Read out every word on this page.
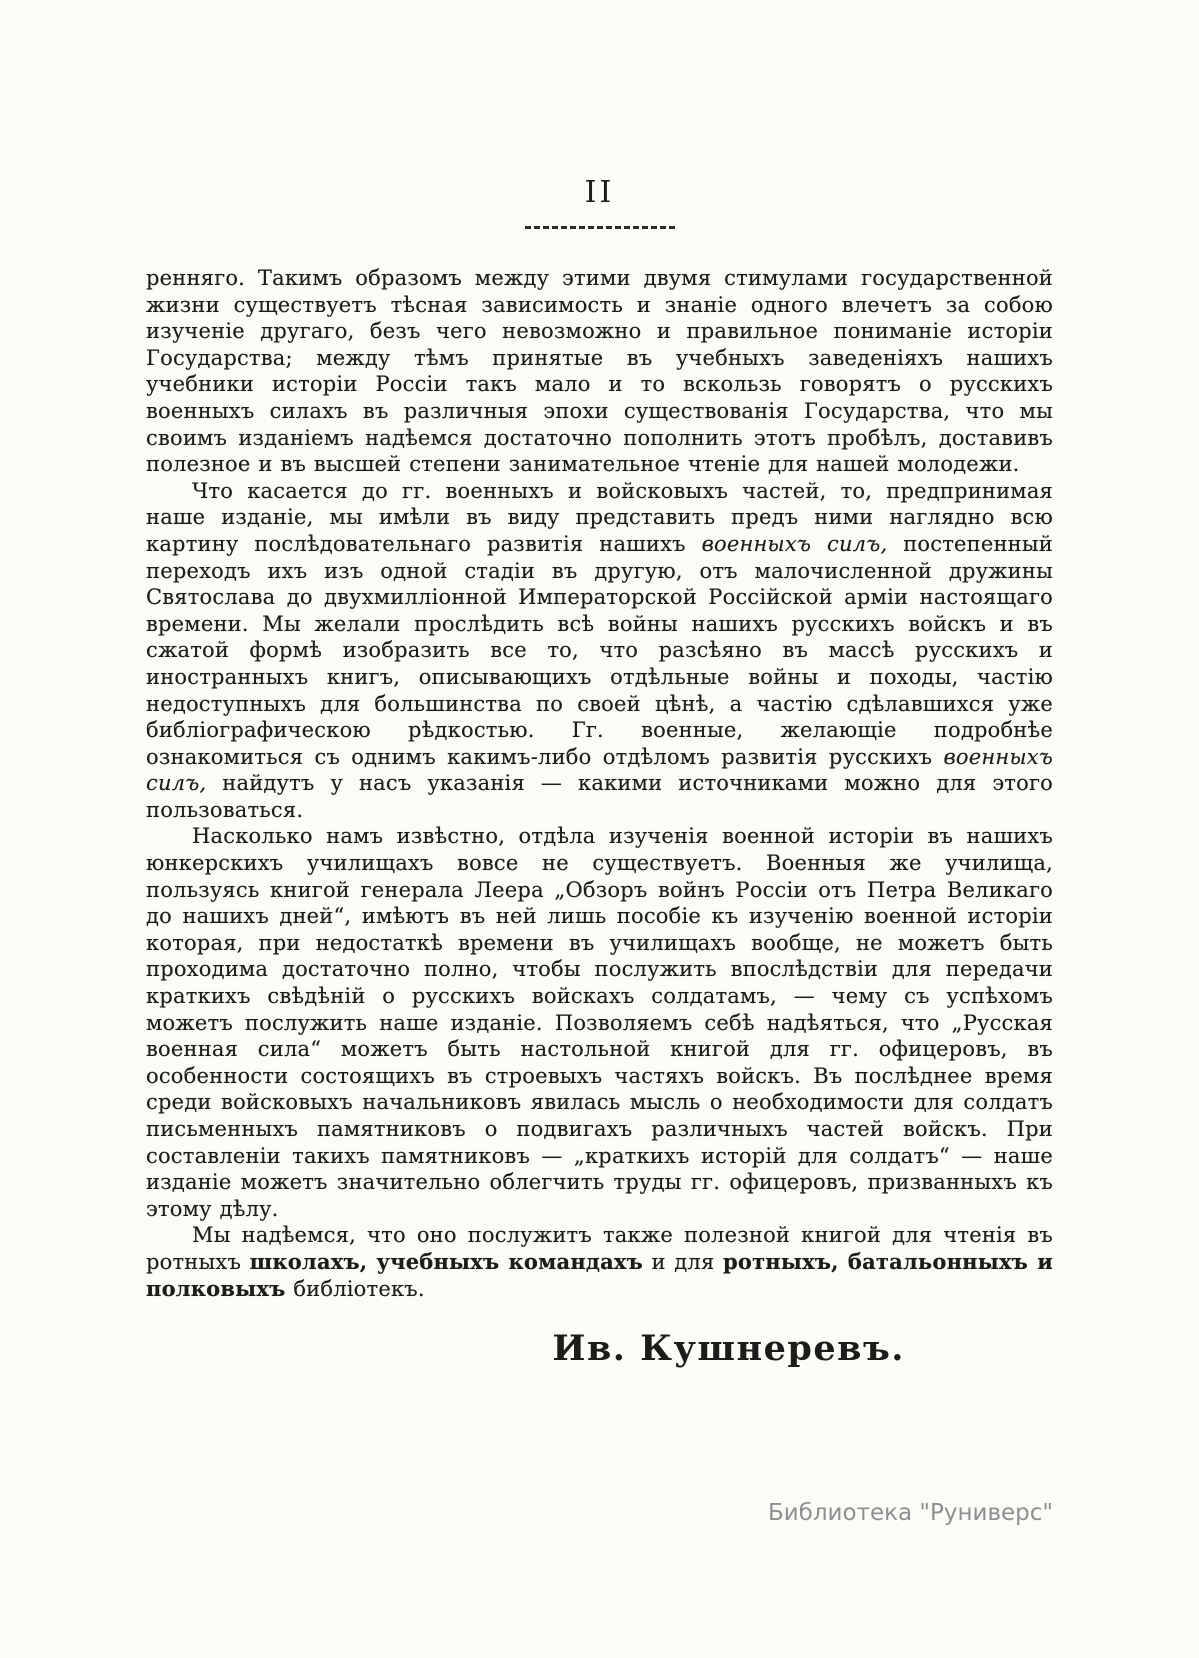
II

ренняго. Такимъ образомъ между этими двумя стимулами государственной жизни существуетъ тѣсная зависимость и знаніе одного влечетъ за собою изученіе другаго, безъ чего невозможно и правильное пониманіе исторіи Государства; между тѣмъ принятые въ учебныхъ заведеніяхъ нашихъ учебники исторіи Россіи такъ мало и то вскользь говорятъ о русскихъ военныхъ силахъ въ различныя эпохи существованія Государства, что мы своимъ изданіемъ надѣемся достаточно пополнить этотъ пробѣлъ, доставивъ полезное и въ высшей степени занимательное чтеніе для нашей молодежи.

Что касается до гг. военныхъ и войсковыхъ частей, то, предпринимая наше изданіе, мы имѣли въ виду представить предъ ними наглядно всю картину послѣдовательнаго развитія нашихъ военныхъ силъ, постепенный переходъ ихъ изъ одной стадіи въ другую, отъ малочисленной дружины Святослава до двухмилліонной Императорской Россійской арміи настоящаго времени. Мы желали прослѣдить всѣ войны нашихъ русскихъ войскъ и въ сжатой формѣ изобразить все то, что разсѣяно въ массѣ русскихъ и иностранныхъ книгъ, описывающихъ отдѣльные войны и походы, частію недоступныхъ для большинства по своей цѣнѣ, а частію сдѣлавшихся уже библіографическою рѣдкостью. Гг. военные, желающіе подробнѣе ознакомиться съ однимъ какимъ-либо отдѣломъ развитія русскихъ военныхъ силъ, найдутъ у насъ указанія — какими источниками можно для этого пользоваться.

Насколько намъ извѣстно, отдѣла изученія военной исторіи въ нашихъ юнкерскихъ училищахъ вовсе не существуетъ. Военныя же училища, пользуясь книгой генерала Леера „Обзоръ войнъ Россіи отъ Петра Великаго до нашихъ дней“, имѣютъ въ ней лишь пособіе къ изученію военной исторіи которая, при недостаткѣ времени въ училищахъ вообще, не можетъ быть проходима достаточно полно, чтобы послужить впослѣдствіи для передачи краткихъ свѣдѣній о русскихъ войскахъ солдатамъ, — чему съ успѣхомъ можетъ послужить наше изданіе. Позволяемъ себѣ надѣяться, что „Русская военная сила“ можетъ быть настольной книгой для гг. офицеровъ, въ особенности состоящихъ въ строевыхъ частяхъ войскъ. Въ послѣднее время среди войсковыхъ начальниковъ явилась мысль о необходимости для солдатъ письменныхъ памятниковъ о подвигахъ различныхъ частей войскъ. При составленіи такихъ памятниковъ — „краткихъ исторій для солдатъ“ — наше изданіе можетъ значительно облегчить труды гг. офицеровъ, призванныхъ къ этому дѣлу.

Мы надѣемся, что оно послужитъ также полезной книгой для чтенія въ ротныхъ школахъ, учебныхъ командахъ и для ротныхъ, батальонныхъ и полковыхъ библіотекъ.

Ив. Кушнеревъ.
Библиотека "Руниверс"
